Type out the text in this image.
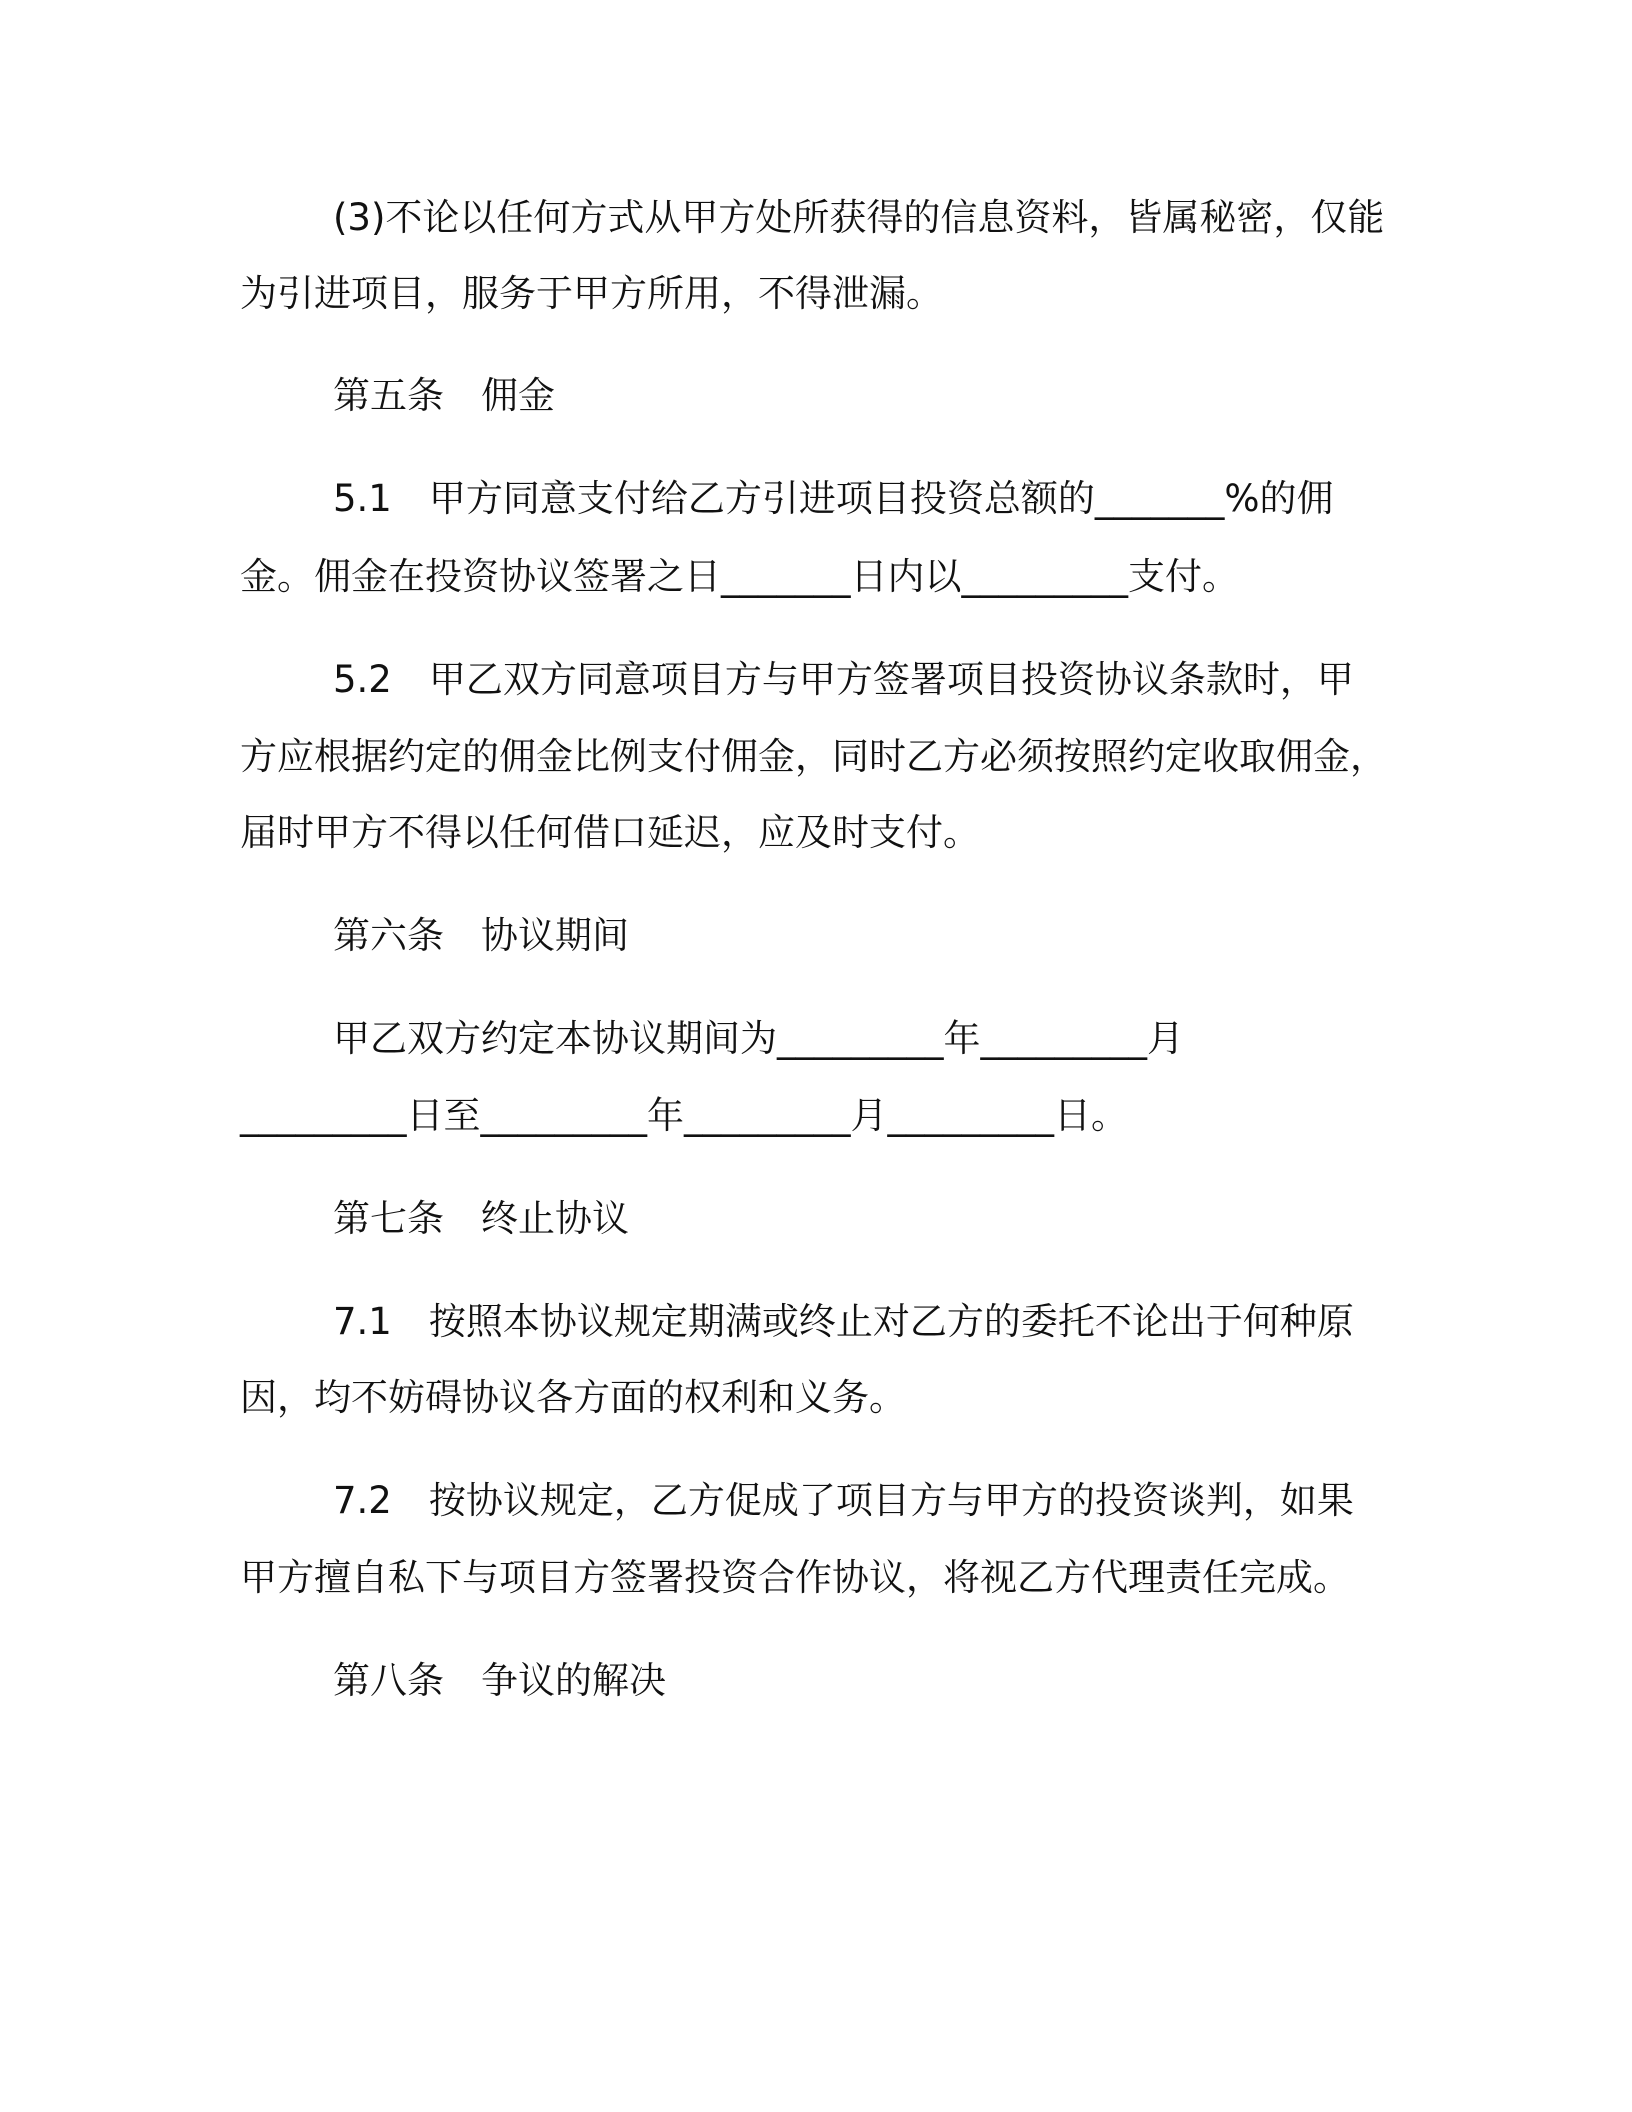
(3)不论以任何方式从甲方处所获得的信息资料，皆属秘密，仅能

为引进项目，服务于甲方所用，不得泄漏。

第五条　佣金

5.1　甲方同意支付给乙方引进项目投资总额的_______%的佣

金。佣金在投资协议签署之日_______日内以_________支付。

5.2　甲乙双方同意项目方与甲方签署项目投资协议条款时，甲

方应根据约定的佣金比例支付佣金，同时乙方必须按照约定收取佣金，

届时甲方不得以任何借口延迟，应及时支付。

第六条　协议期间

甲乙双方约定本协议期间为_________年_________月

_________日至_________年_________月_________日。

第七条　终止协议

7.1　按照本协议规定期满或终止对乙方的委托不论出于何种原

因，均不妨碍协议各方面的权利和义务。

7.2　按协议规定，乙方促成了项目方与甲方的投资谈判，如果

甲方擅自私下与项目方签署投资合作协议，将视乙方代理责任完成。

第八条　争议的解决
